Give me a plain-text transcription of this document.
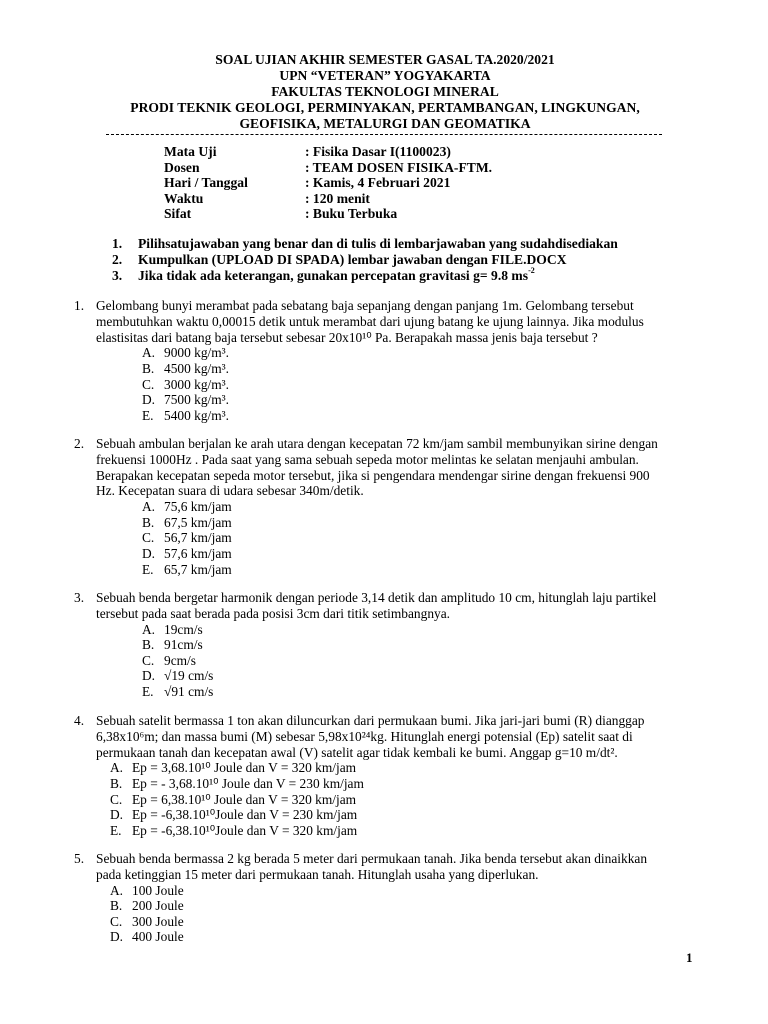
SOAL UJIAN AKHIR SEMESTER GASAL TA.2020/2021
UPN “VETERAN” YOGYAKARTA
FAKULTAS TEKNOLOGI MINERAL
PRODI TEKNIK GEOLOGI, PERMINYAKAN, PERTAMBANGAN, LINGKUNGAN,
GEOFISIKA, METALURGI DAN GEOMATIKA
Mata Uji	: Fisika Dasar I(1100023)
Dosen	: TEAM DOSEN FISIKA-FTM.
Hari / Tanggal	: Kamis, 4 Februari 2021
Waktu	: 120 menit
Sifat	: Buku Terbuka
1.	Pilihsatujawaban yang benar dan di tulis di lembarjawaban yang sudahdisediakan
2.	Kumpulkan (UPLOAD DI SPADA) lembar jawaban dengan FILE.DOCX
3.	Jika tidak ada keterangan, gunakan percepatan gravitasi g= 9.8 $ms^{-2}$
1. Gelombang bunyi merambat pada sebatang baja sepanjang dengan panjang 1m. Gelombang tersebut
membutuhkan waktu 0,00015 detik untuk merambat dari ujung batang ke ujung lainnya. Jika modulus
elastisitas dari batang baja tersebut sebesar 20x10¹⁰ Pa. Berapakah massa jenis baja tersebut ?
A. 9000 kg/m³.
B. 4500 kg/m³.
C. 3000 kg/m³.
D. 7500 kg/m³.
E. 5400 kg/m³.
2. Sebuah ambulan berjalan ke arah utara dengan kecepatan 72 km/jam sambil membunyikan sirine dengan
frekuensi 1000Hz . Pada saat yang sama sebuah sepeda motor melintas ke selatan menjauhi ambulan.
Berapakan kecepatan sepeda motor tersebut, jika si pengendara mendengar sirine dengan frekuensi 900
Hz. Kecepatan suara di udara sebesar 340m/detik.
A. 75,6 km/jam
B. 67,5 km/jam
C. 56,7 km/jam
D. 57,6 km/jam
E. 65,7 km/jam
3. Sebuah benda bergetar harmonik dengan periode 3,14 detik dan amplitudo 10 cm, hitunglah laju partikel
tersebut pada saat berada pada posisi 3cm dari titik setimbangnya.
A. 19cm/s
B. 91cm/s
C. 9cm/s
D. √19 cm/s
E. √91 cm/s
4. Sebuah satelit bermassa 1 ton akan diluncurkan dari permukaan bumi. Jika jari-jari bumi (R) dianggap
6,38x10⁶m; dan massa bumi (M) sebesar 5,98x10²⁴kg. Hitunglah energi potensial (Ep) satelit saat di
permukaan tanah dan kecepatan awal (V) satelit agar tidak kembali ke bumi. Anggap g=10 m/dt².
A. Ep = 3,68.10¹⁰ Joule dan V = 320 km/jam
B. Ep = - 3,68.10¹⁰ Joule dan V = 230 km/jam
C. Ep = 6,38.10¹⁰ Joule dan V = 320 km/jam
D. Ep = -6,38.10¹⁰Joule dan V = 230 km/jam
E. Ep = -6,38.10¹⁰Joule dan V = 320 km/jam
5. Sebuah benda bermassa 2 kg berada 5 meter dari permukaan tanah. Jika benda tersebut akan dinaikkan
pada ketinggian 15 meter dari permukaan tanah. Hitunglah usaha yang diperlukan.
A. 100 Joule
B. 200 Joule
C. 300 Joule
D. 400 Joule
1
